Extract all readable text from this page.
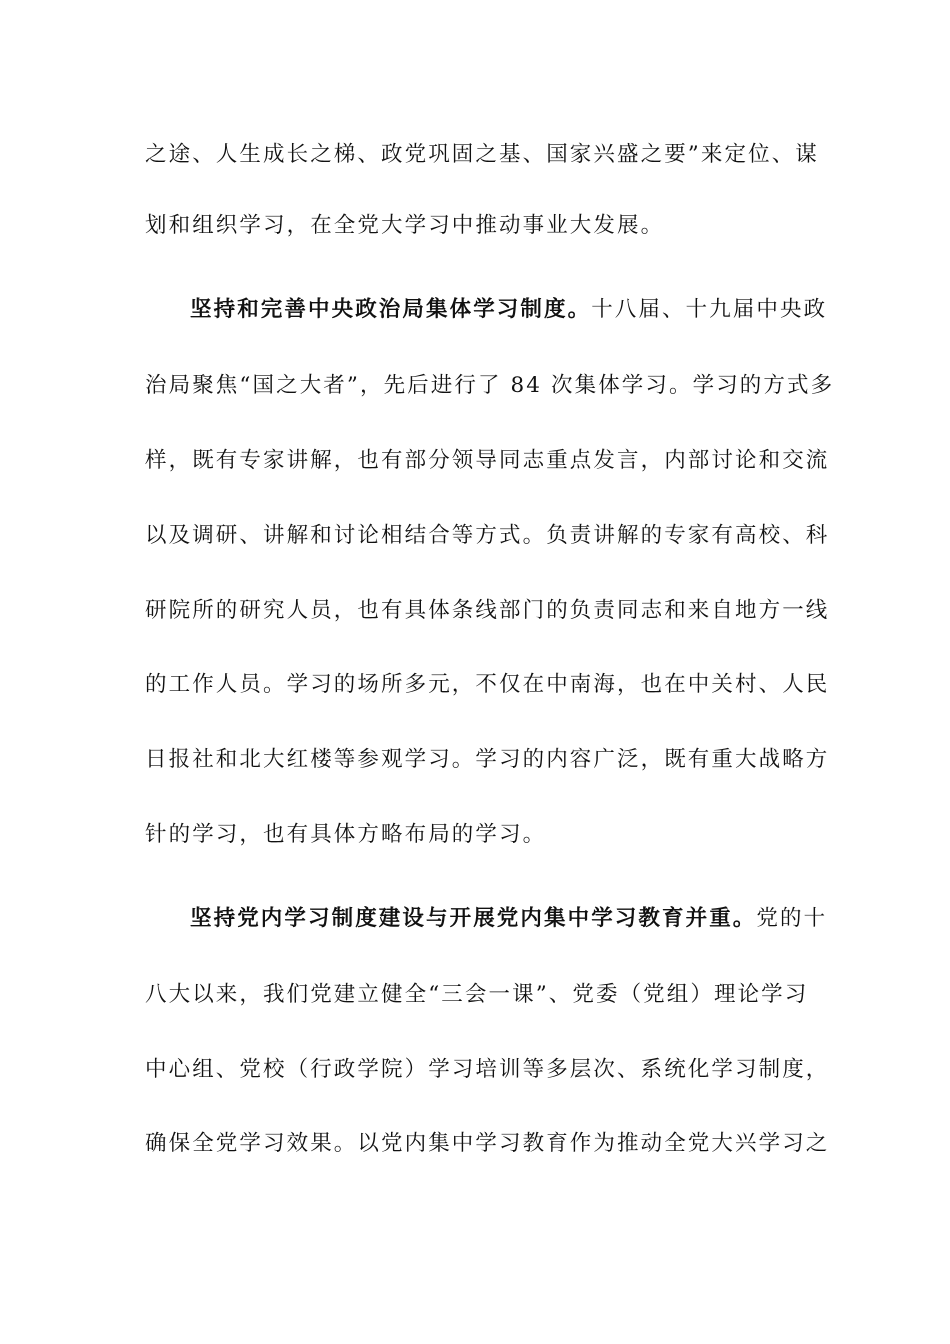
之途、人生成长之梯、政党巩固之基、国家兴盛之要”来定位、谋
划和组织学习，在全党大学习中推动事业大发展。
坚持和完善中央政治局集体学习制度。十八届、十九届中央政
治局聚焦“国之大者”，先后进行了 84 次集体学习。学习的方式多
样，既有专家讲解，也有部分领导同志重点发言，内部讨论和交流
以及调研、讲解和讨论相结合等方式。负责讲解的专家有高校、科
研院所的研究人员，也有具体条线部门的负责同志和来自地方一线
的工作人员。学习的场所多元，不仅在中南海，也在中关村、人民
日报社和北大红楼等参观学习。学习的内容广泛，既有重大战略方
针的学习，也有具体方略布局的学习。
坚持党内学习制度建设与开展党内集中学习教育并重。党的十
八大以来，我们党建立健全“三会一课”、党委（党组）理论学习
中心组、党校（行政学院）学习培训等多层次、系统化学习制度，
确保全党学习效果。以党内集中学习教育作为推动全党大兴学习之
